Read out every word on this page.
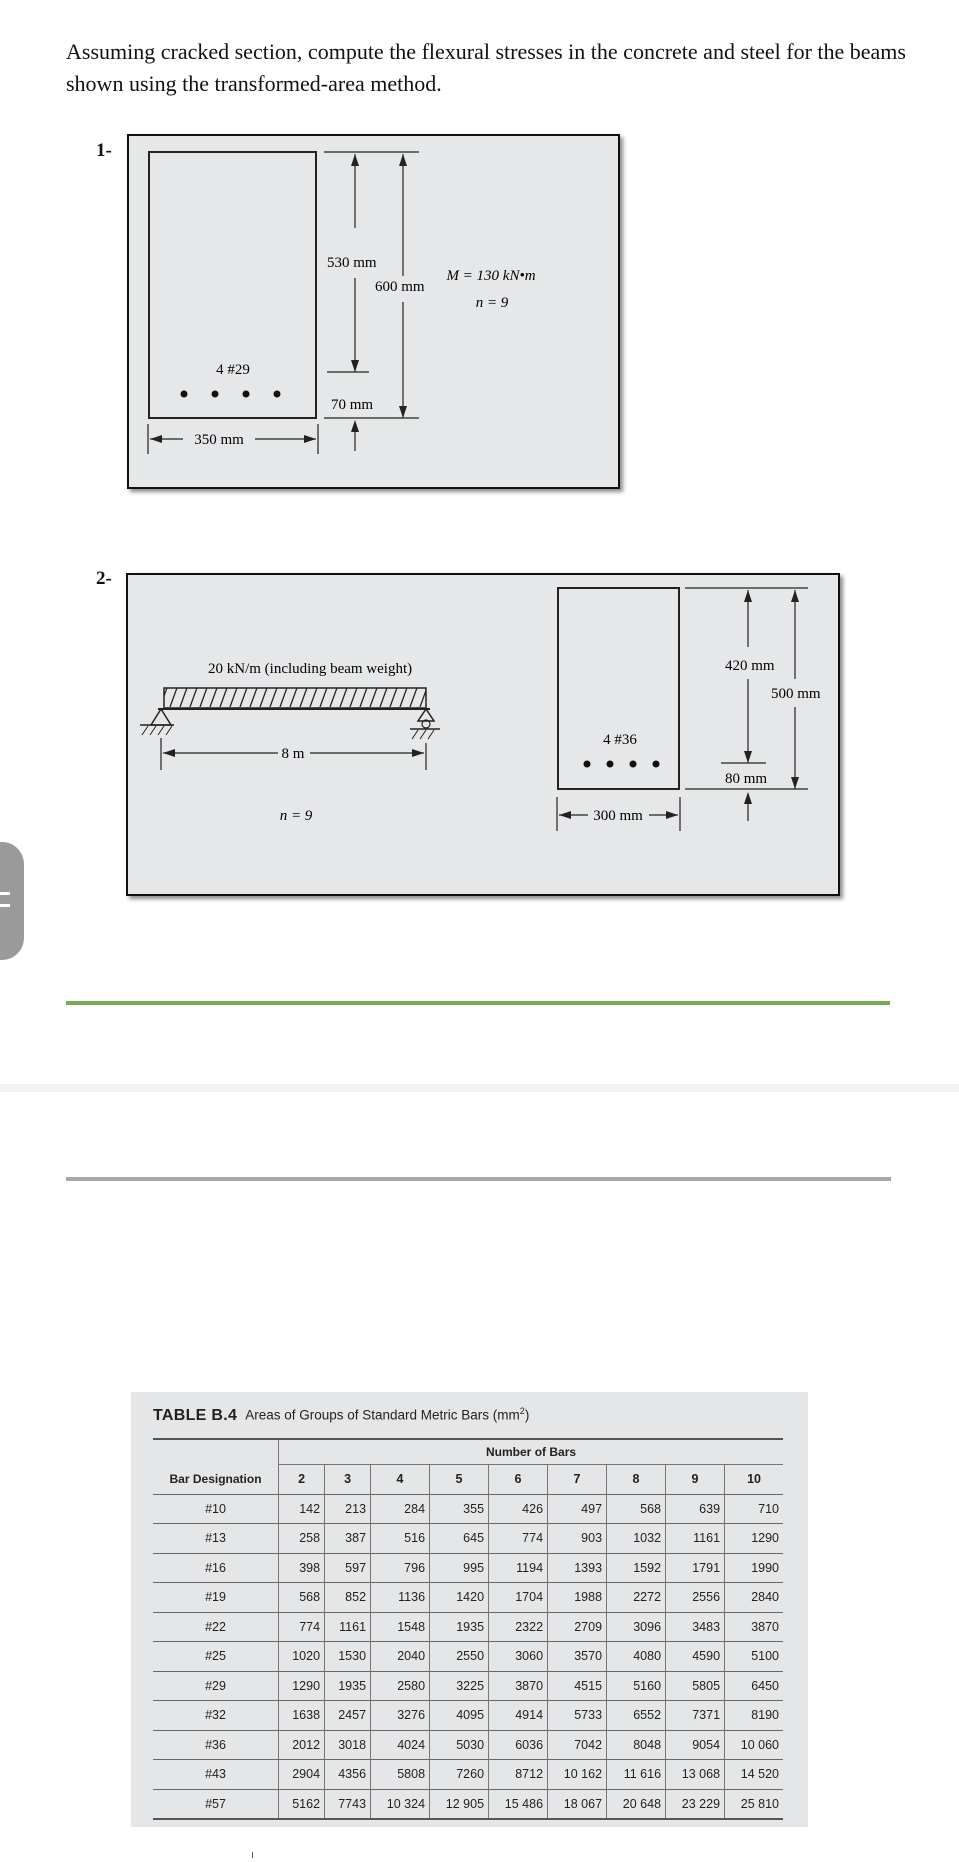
Assuming cracked section, compute the flexural stresses in the concrete and steel for the beams shown using the transformed-area method.
1-
4 #29
530 mm
600 mm
70 mm
350 mm
M = 130 kN•m
n = 9
2-
20 kN/m (including beam weight)
8 m
n = 9
4 #36
420 mm
500 mm
80 mm
300 mm
TABLE B.4 Areas of Groups of Standard Metric Bars $(mm^2)$
	Number of Bars								
Bar Designation	2	3	4	5	6	7	8	9	10
#10	142	213	284	355	426	497	568	639	710
#13	258	387	516	645	774	903	1032	1161	1290
#16	398	597	796	995	1194	1393	1592	1791	1990
#19	568	852	1136	1420	1704	1988	2272	2556	2840
#22	774	1161	1548	1935	2322	2709	3096	3483	3870
#25	1020	1530	2040	2550	3060	3570	4080	4590	5100
#29	1290	1935	2580	3225	3870	4515	5160	5805	6450
#32	1638	2457	3276	4095	4914	5733	6552	7371	8190
#36	2012	3018	4024	5030	6036	7042	8048	9054	10 060
#43	2904	4356	5808	7260	8712	10 162	11 616	13 068	14 520
#57	5162	7743	10 324	12 905	15 486	18 067	20 648	23 229	25 810
